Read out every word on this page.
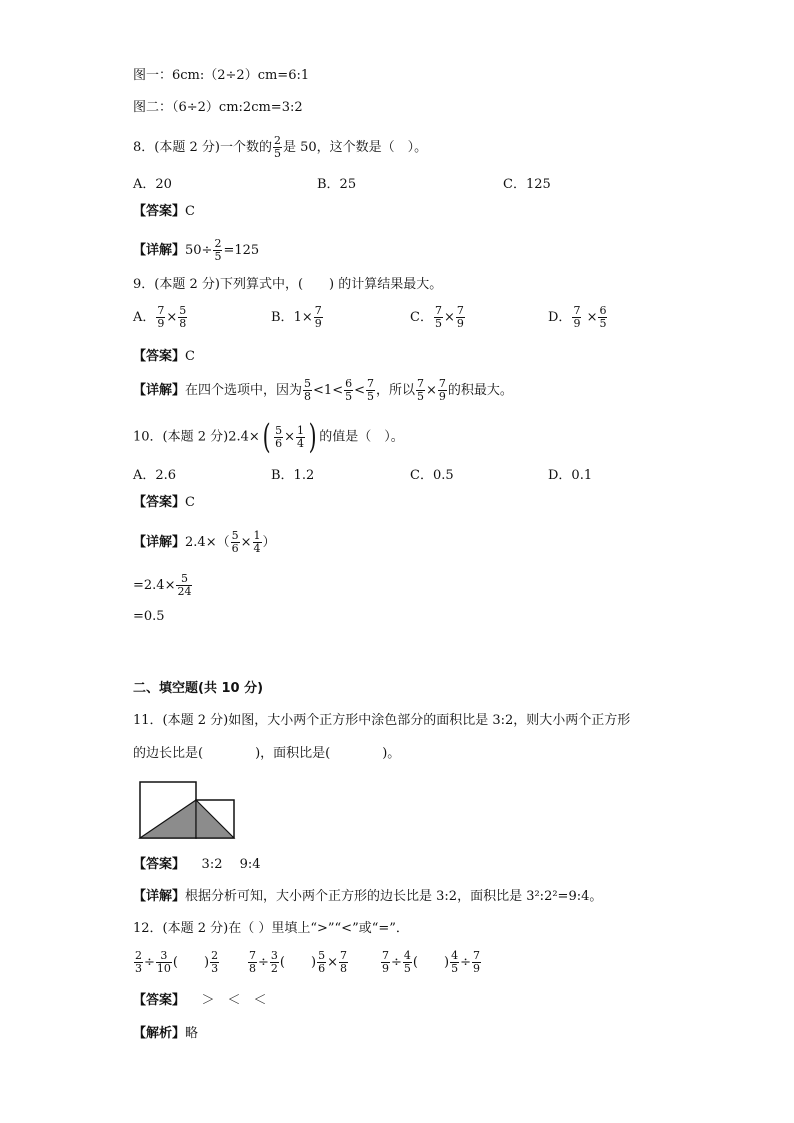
图一：6cm:（2÷2）cm=6:1
图二：（6÷2）cm:2cm=3:2
8．(本题 2 分)一个数的 $\frac{2}{5}$ 是 50，这个数是（　）。
A．20	B．25	C．125
【答案】C
【详解】$50\div \frac{2}{5} =125$
9．(本题 2 分)下列算式中，(　　) 的计算结果最大。
A． $\frac{7}{9} \times \frac{5}{8}$	B．$1\times \frac{7}{9}$	C． $\frac{7}{5} \times \frac{7}{9}$	D． $\frac{7}{9} \times \frac{6}{5}$
【答案】C
【详解】在四个选项中，因为 $\frac{5}{8} <1< \frac{6}{5} < \frac{7}{5}$ ，所以 $\frac{7}{5} \times \frac{7}{9}$ 的积最大。
10．(本题 2 分)$2.4\times( \frac{5}{6} \times \frac{1}{4}$ ) 的值是（　）。
A．2.6	B．1.2	C．0.5	D．0.1
【答案】C
【详解】$2.4\times( \frac{5}{6} \times \frac{1}{4}$ ）
$=2.4\times \frac{5}{24}$
=0.5
二、填空题(共 10 分)
11．(本题 2 分)如图，大小两个正方形中涂色部分的面积比是 3:2，则大小两个正方形
的边长比是(　　　　)，面积比是(　　　　)。
【答案】 3:2　 9:4
【详解】根据分析可知，大小两个正方形的边长比是 3:2，面积比是 3²:2²=9:4。
12．(本题 2 分)在（ ）里填上“>”“<”或“=”．
$\frac{2}{3} \div \frac{3}{10}$ (　　) $\frac{2}{3}$	$\frac{7}{8} \div \frac{3}{2}$ (　　) $\frac{5}{6} \times \frac{7}{8}$	$\frac{7}{9} \div \frac{4}{5}$ (　　) $\frac{4}{5} \div \frac{7}{9}$
【答案】 ＞　＜　＜
【解析】略
